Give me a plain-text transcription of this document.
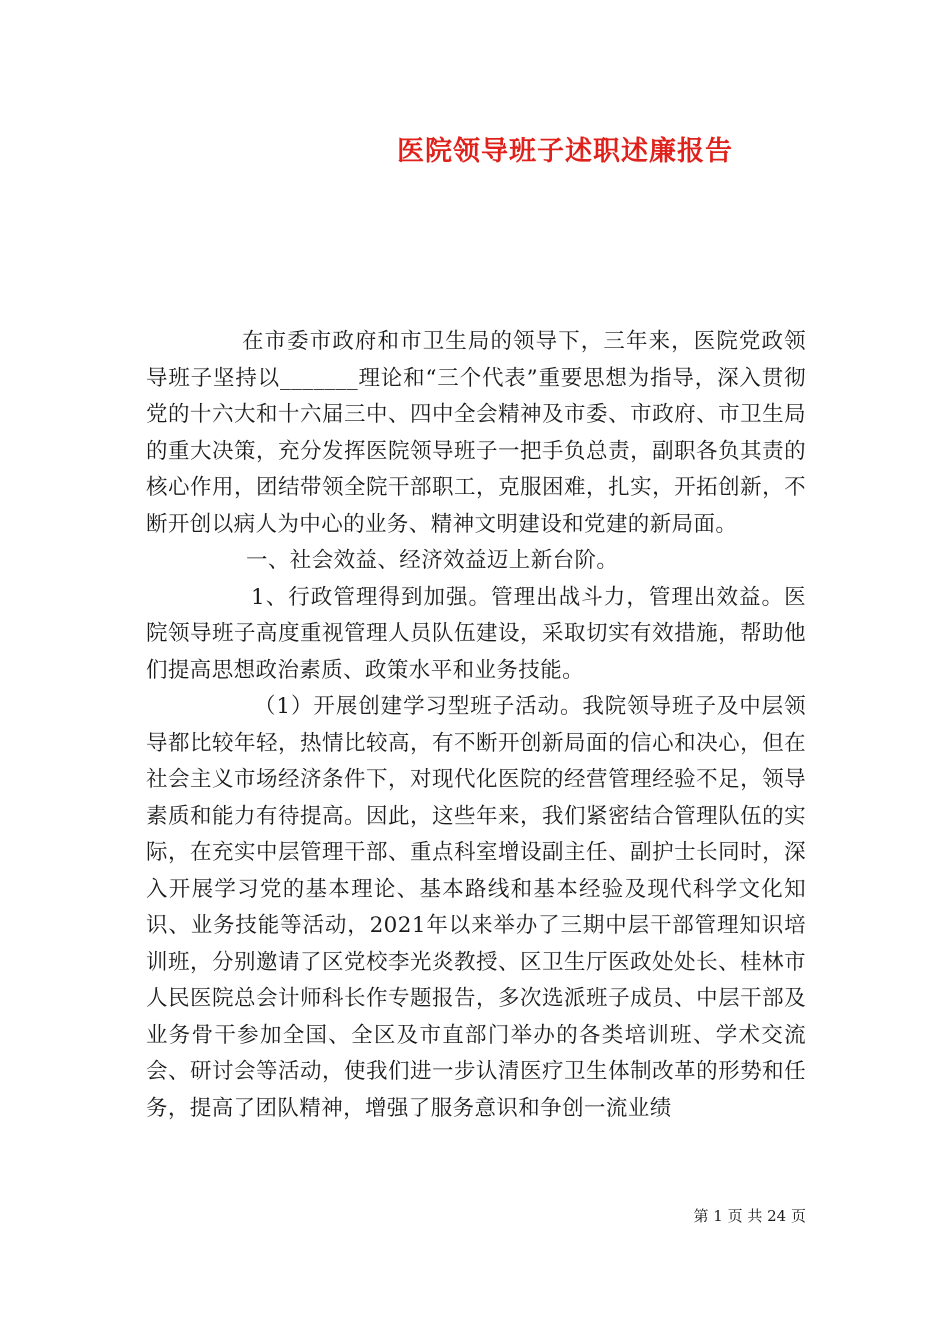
医院领导班子述职述廉报告

在市委市政府和市卫生局的领导下，三年来，医院党政领导班子坚持以_______理论和“三个代表”重要思想为指导，深入贯彻党的十六大和十六届三中、四中全会精神及市委、市政府、市卫生局的重大决策，充分发挥医院领导班子一把手负总责，副职各负其责的核心作用，团结带领全院干部职工，克服困难，扎实，开拓创新，不断开创以病人为中心的业务、精神文明建设和党建的新局面。

一、社会效益、经济效益迈上新台阶。

1、行政管理得到加强。管理出战斗力，管理出效益。医院领导班子高度重视管理人员队伍建设，采取切实有效措施，帮助他们提高思想政治素质、政策水平和业务技能。

（1）开展创建学习型班子活动。我院领导班子及中层领导都比较年轻，热情比较高，有不断开创新局面的信心和决心，但在社会主义市场经济条件下，对现代化医院的经营管理经验不足，领导素质和能力有待提高。因此，这些年来，我们紧密结合管理队伍的实际，在充实中层管理干部、重点科室增设副主任、副护士长同时，深入开展学习党的基本理论、基本路线和基本经验及现代科学文化知识、业务技能等活动，2021年以来举办了三期中层干部管理知识培训班，分别邀请了区党校李光炎教授、区卫生厅医政处处长、桂林市人民医院总会计师科长作专题报告，多次选派班子成员、中层干部及业务骨干参加全国、全区及市直部门举办的各类培训班、学术交流会、研讨会等活动，使我们进一步认清医疗卫生体制改革的形势和任务，提高了团队精神，增强了服务意识和争创一流业绩

第 1 页 共 24 页
